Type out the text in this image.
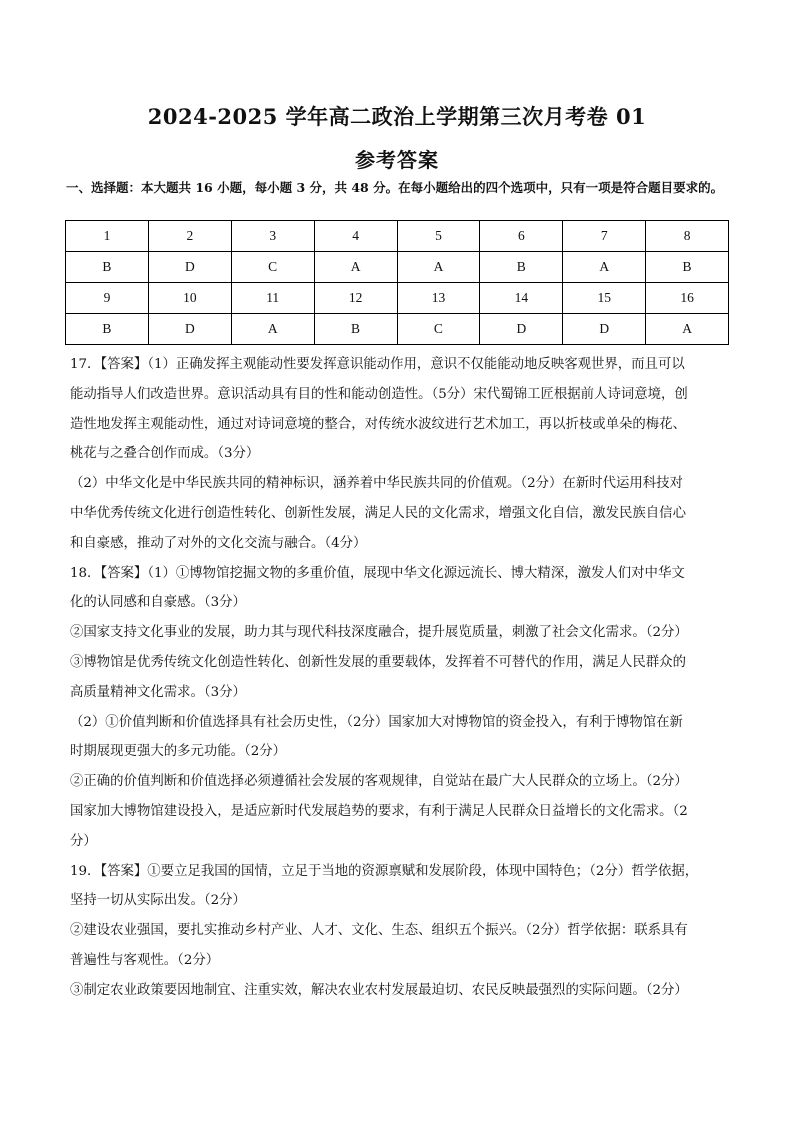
2024-2025 学年高二政治上学期第三次月考卷 01
参考答案
一、选择题：本大题共 16 小题，每小题 3 分，共 48 分。在每小题给出的四个选项中，只有一项是符合题目要求的。
1	2	3	4	5	6	7	8
B	D	C	A	A	B	A	B
9	10	11	12	13	14	15	16
B	D	A	B	C	D	D	A

17．【答案】（1）正确发挥主观能动性要发挥意识能动作用，意识不仅能能动地反映客观世界，而且可以

能动指导人们改造世界。意识活动具有目的性和能动创造性。（5分）宋代蜀锦工匠根据前人诗词意境，创

造性地发挥主观能动性，通过对诗词意境的整合，对传统水波纹进行艺术加工，再以折枝或单朵的梅花、

桃花与之叠合创作而成。（3分）

（2）中华文化是中华民族共同的精神标识，涵养着中华民族共同的价值观。（2分）在新时代运用科技对

中华优秀传统文化进行创造性转化、创新性发展，满足人民的文化需求，增强文化自信，激发民族自信心

和自豪感，推动了对外的文化交流与融合。（4分）

18．【答案】（1）①博物馆挖掘文物的多重价值，展现中华文化源远流长、博大精深，激发人们对中华文

化的认同感和自豪感。（3分）

②国家支持文化事业的发展，助力其与现代科技深度融合，提升展览质量，刺激了社会文化需求。（2分）

③博物馆是优秀传统文化创造性转化、创新性发展的重要载体，发挥着不可替代的作用，满足人民群众的

高质量精神文化需求。（3分）

（2）①价值判断和价值选择具有社会历史性，（2分）国家加大对博物馆的资金投入，有利于博物馆在新

时期展现更强大的多元功能。（2分）

②正确的价值判断和价值选择必须遵循社会发展的客观规律，自觉站在最广大人民群众的立场上。（2分）

国家加大博物馆建设投入，是适应新时代发展趋势的要求，有利于满足人民群众日益增长的文化需求。（2

分）

19．【答案】①要立足我国的国情，立足于当地的资源禀赋和发展阶段，体现中国特色；（2分）哲学依据，

坚持一切从实际出发。（2分）

②建设农业强国，要扎实推动乡村产业、人才、文化、生态、组织五个振兴。（2分）哲学依据：联系具有

普遍性与客观性。（2分）

③制定农业政策要因地制宜、注重实效，解决农业农村发展最迫切、农民反映最强烈的实际问题。（2分）
